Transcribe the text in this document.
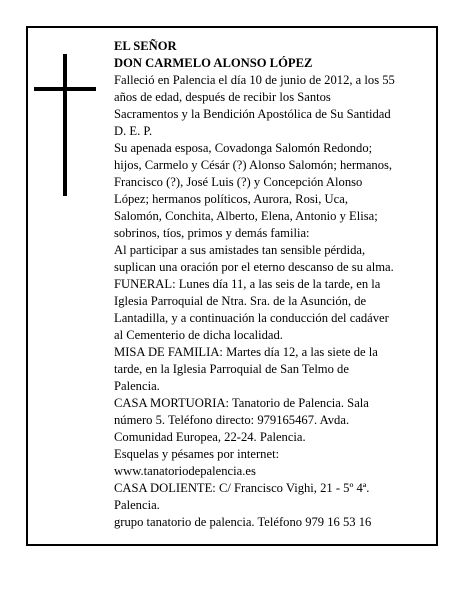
EL SEÑOR
DON CARMELO ALONSO LÓPEZ
Falleció en Palencia el día 10 de junio de 2012, a los 55
años de edad, después de recibir los Santos
Sacramentos y la Bendición Apostólica de Su Santidad
D. E. P.
Su apenada esposa, Covadonga Salomón Redondo;
hijos, Carmelo y Césár (?) Alonso Salomón; hermanos,
Francisco (?), José Luis (?) y Concepción Alonso
López; hermanos políticos, Aurora, Rosi, Uca,
Salomón, Conchita, Alberto, Elena, Antonio y Elisa;
sobrinos, tíos, primos y demás familia:
Al participar a sus amistades tan sensible pérdida,
suplican una oración por el eterno descanso de su alma.
FUNERAL: Lunes día 11, a las seis de la tarde, en la
Iglesia Parroquial de Ntra. Sra. de la Asunción, de
Lantadilla, y a continuación la conducción del cadáver
al Cementerio de dicha localidad.
MISA DE FAMILIA: Martes día 12, a las siete de la
tarde, en la Iglesia Parroquial de San Telmo de
Palencia.
CASA MORTUORIA: Tanatorio de Palencia. Sala
número 5. Teléfono directo: 979165467. Avda.
Comunidad Europea, 22-24. Palencia.
Esquelas y pésames por internet:
www.tanatoriodepalencia.es
CASA DOLIENTE: C/ Francisco Vighi, 21 - 5º 4ª.
Palencia.
grupo tanatorio de palencia. Teléfono 979 16 53 16
